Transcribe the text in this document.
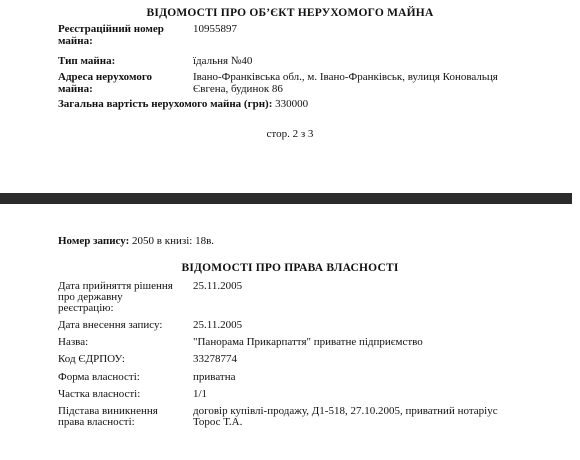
ВІДОМОСТІ ПРО ОБ’ЄКТ НЕРУХОМОГО МАЙНА
Реєстраційний номер
майна:
10955897
Тип майна:	їдальня №40
Адреса нерухомого
майна:
Івано-Франківська обл., м. Івано-Франківськ, вулиця Коновальця
Євгена, будинок 86
Загальна вартість нерухомого майна (грн): 330000
стор. 2 з 3
Номер запису: 2050 в книзі: 18в.
ВІДОМОСТІ ПРО ПРАВА ВЛАСНОСТІ
Дата прийняття рішення
про державну
реєстрацію:
25.11.2005
Дата внесення запису:	25.11.2005
Назва:	"Панорама Прикарпаття" приватне підприємство
Код ЄДРПОУ:	33278774
Форма власності:	приватна
Частка власності:	1/1
Підстава виникнення
права власності:
договір купівлі-продажу, Д1-518, 27.10.2005, приватний нотаріус
Торос Т.А.
